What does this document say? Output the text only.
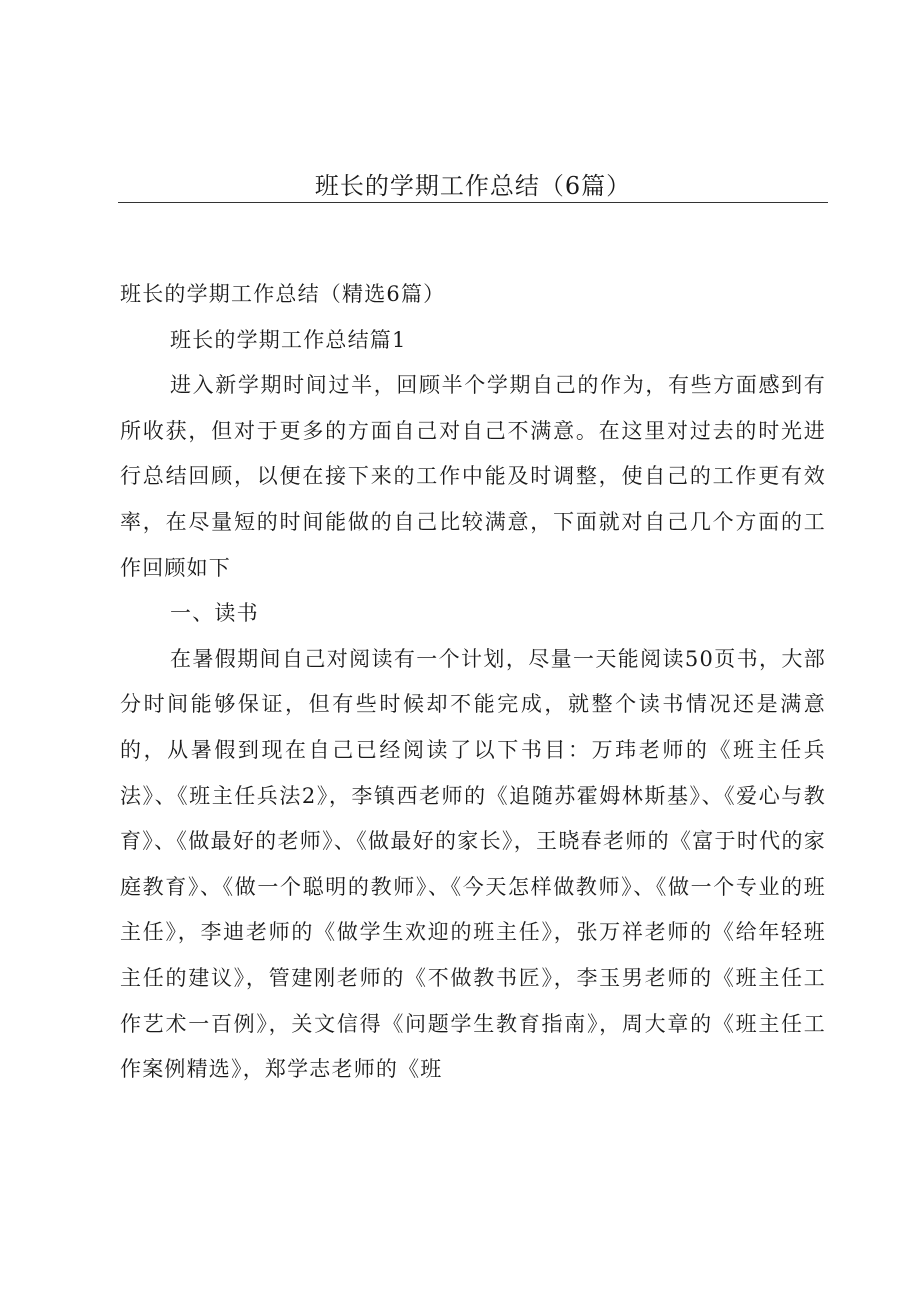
班长的学期工作总结（6篇）

班长的学期工作总结（精选6篇）

班长的学期工作总结篇1

进入新学期时间过半，回顾半个学期自己的作为，有些方面感到有所收获，但对于更多的方面自己对自己不满意。在这里对过去的时光进行总结回顾，以便在接下来的工作中能及时调整，使自己的工作更有效率，在尽量短的时间能做的自己比较满意，下面就对自己几个方面的工作回顾如下

一、读书

在暑假期间自己对阅读有一个计划，尽量一天能阅读50页书，大部分时间能够保证，但有些时候却不能完成，就整个读书情况还是满意的，从暑假到现在自己已经阅读了以下书目：万玮老师的《班主任兵法》、《班主任兵法2》，李镇西老师的《追随苏霍姆林斯基》、《爱心与教育》、《做最好的老师》、《做最好的家长》，王晓春老师的《富于时代的家庭教育》、《做一个聪明的教师》、《今天怎样做教师》、《做一个专业的班主任》，李迪老师的《做学生欢迎的班主任》，张万祥老师的《给年轻班主任的建议》，管建刚老师的《不做教书匠》，李玉男老师的《班主任工作艺术一百例》，关文信得《问题学生教育指南》，周大章的《班主任工作案例精选》，郑学志老师的《班
